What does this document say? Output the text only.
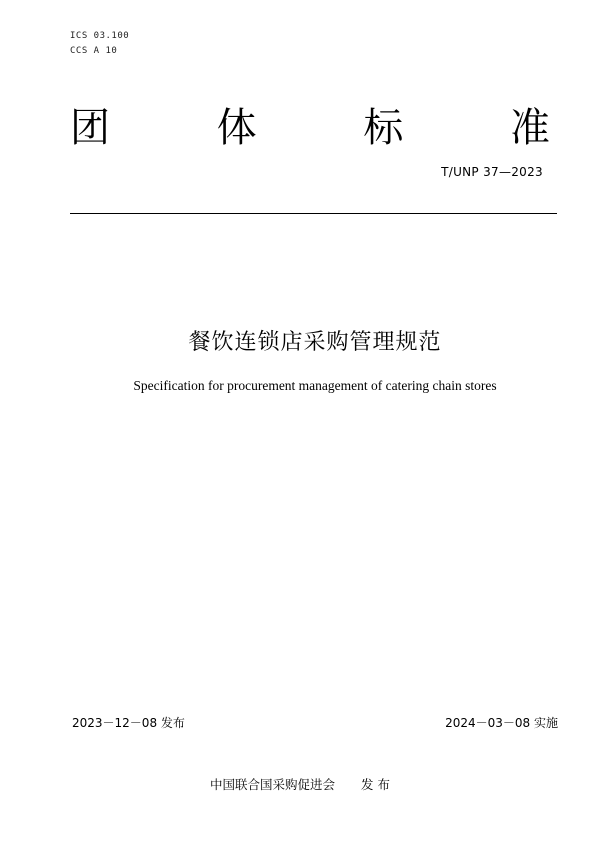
ICS 03.100
CCS A 10
团	体	标	准
T/UNP 37—2023
餐饮连锁店采购管理规范
Specification for procurement management of catering chain stores
2023－12－08 发布	2024－03－08 实施
中国联合国采购促进会 发 布
